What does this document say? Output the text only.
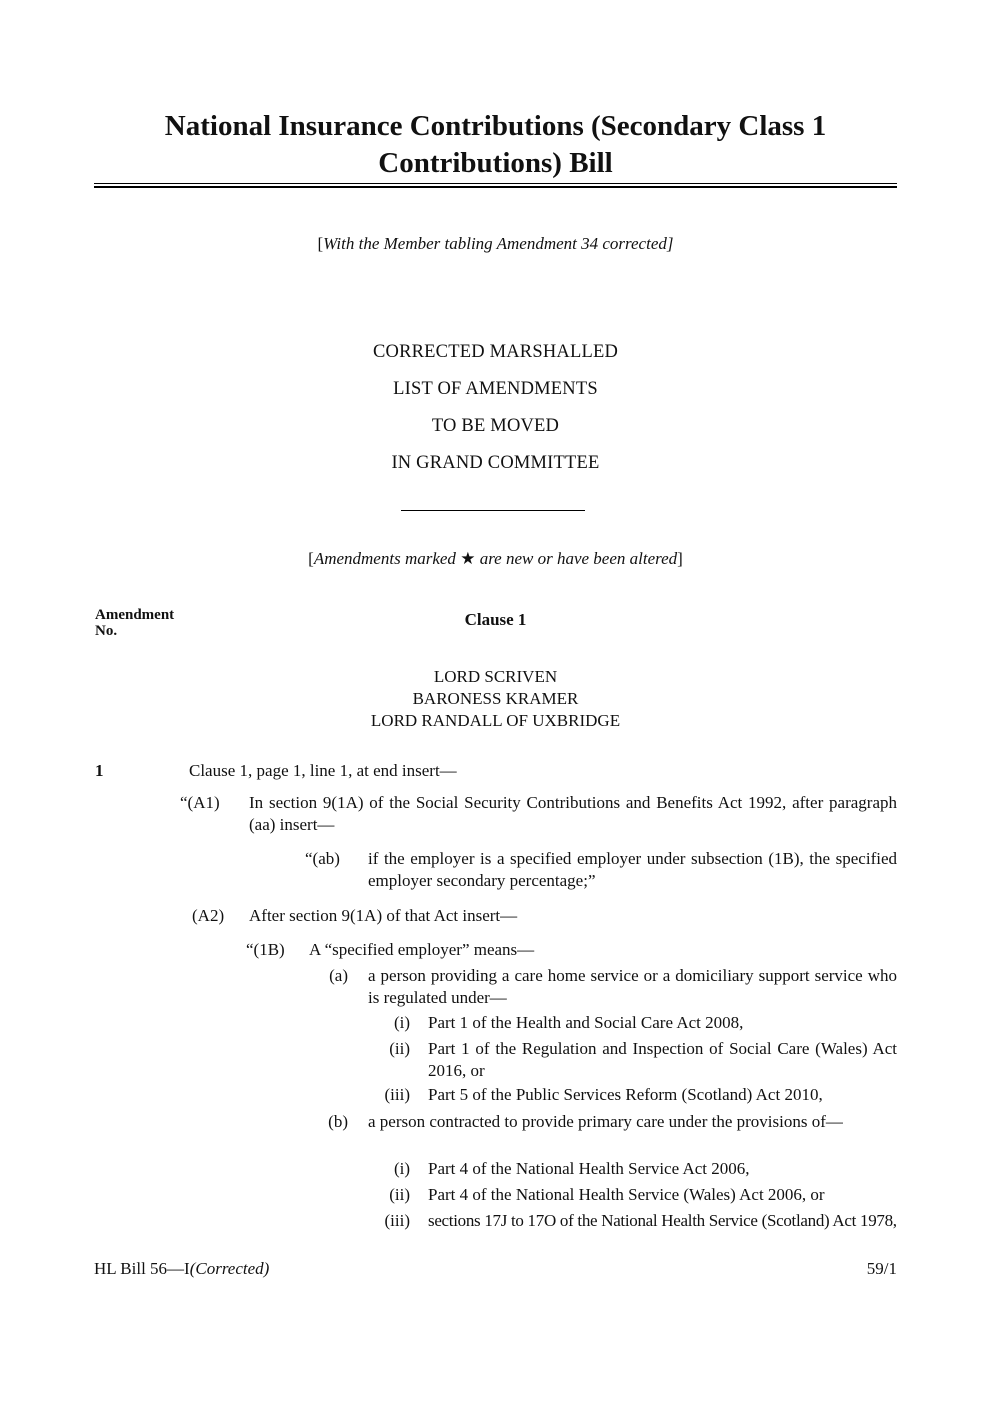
National Insurance Contributions (Secondary Class 1
Contributions) Bill
[With the Member tabling Amendment 34 corrected]
CORRECTED MARSHALLED
LIST OF AMENDMENTS
TO BE MOVED
IN GRAND COMMITTEE
[Amendments marked ★ are new or have been altered]
Amendment
No.
Clause 1
LORD SCRIVEN
BARONESS KRAMER
LORD RANDALL OF UXBRIDGE
1	Clause 1, page 1, line 1, at end insert—
“(A1)	In section 9(1A) of the Social Security Contributions and Benefits Act 1992, after paragraph (aa) insert—
“(ab)	if the employer is a specified employer under subsection (1B), the specified employer secondary percentage;”
(A2)	After section 9(1A) of that Act insert—
“(1B)	A “specified employer” means—
(a) a person providing a care home service or a domiciliary support service who is regulated under—
(i) Part 1 of the Health and Social Care Act 2008,
(ii) Part 1 of the Regulation and Inspection of Social Care (Wales) Act 2016, or
(iii) Part 5 of the Public Services Reform (Scotland) Act 2010,
(b) a person contracted to provide primary care under the provisions of—
(i) Part 4 of the National Health Service Act 2006,
(ii) Part 4 of the National Health Service (Wales) Act 2006, or
(iii) sections 17J to 17O of the National Health Service (Scotland) Act 1978,
HL Bill 56—I(Corrected)	59/1
